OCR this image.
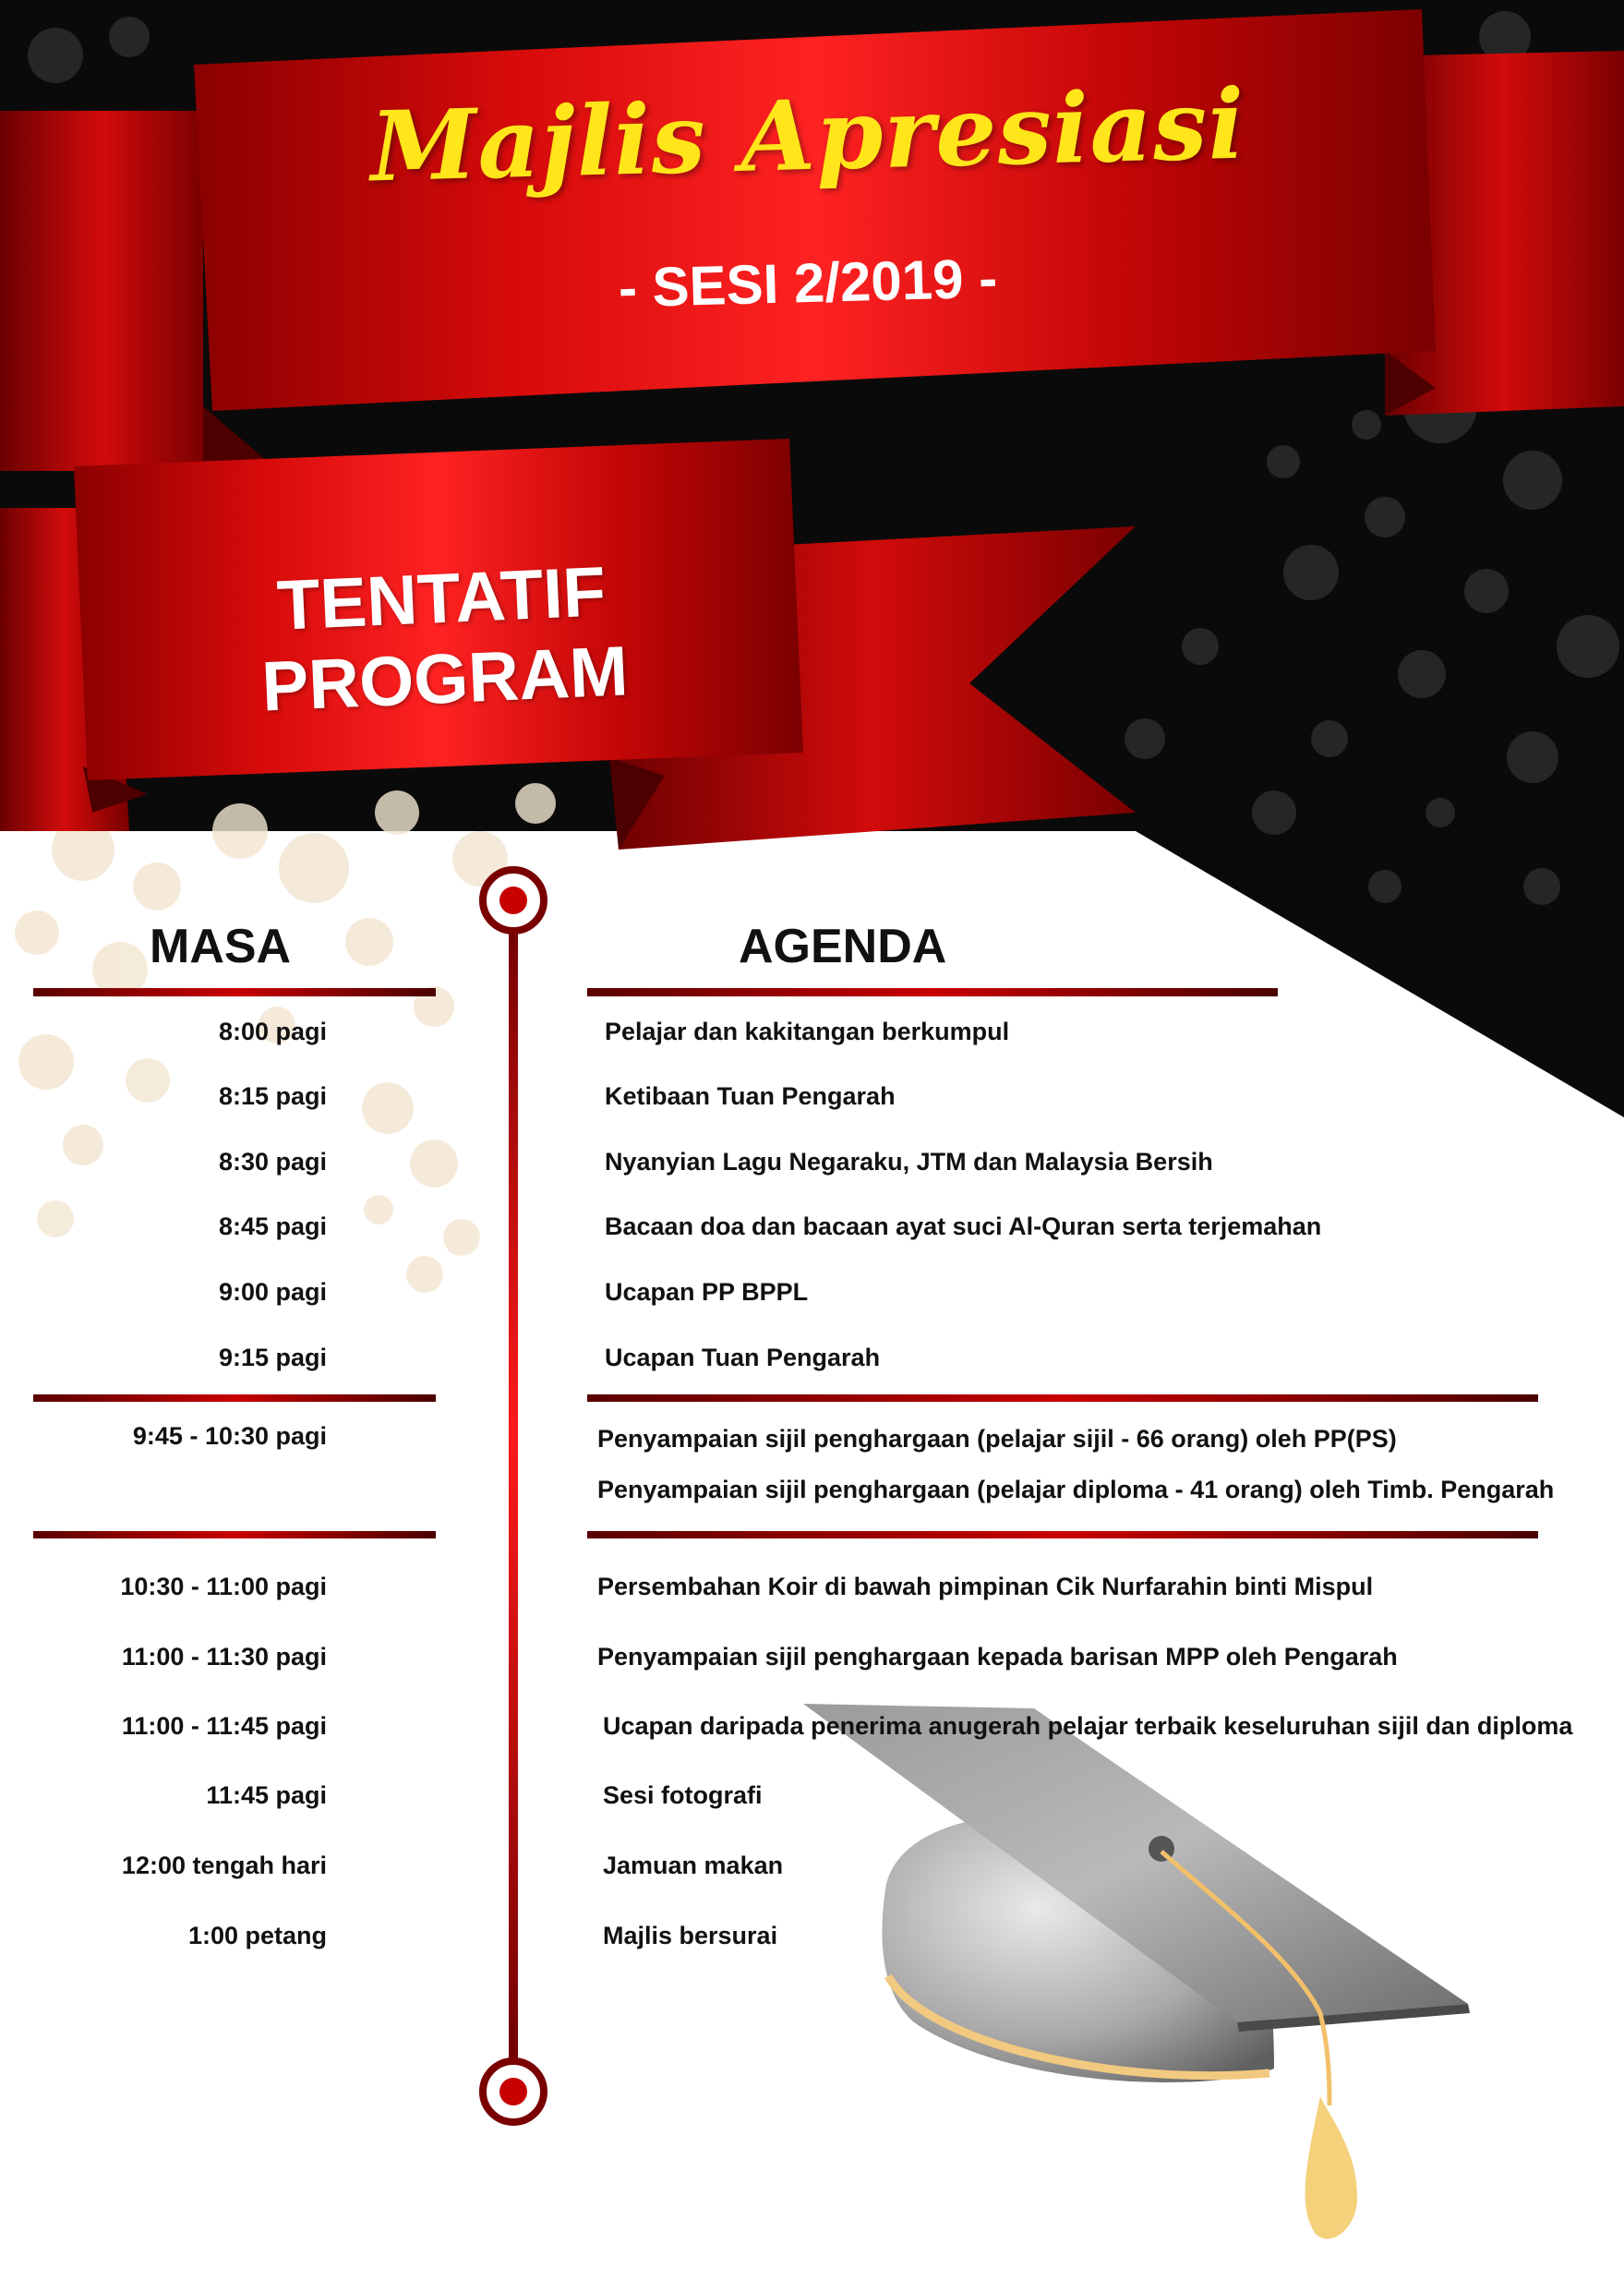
Majlis Apresiasi
- SESI 2/2019 -
TENTATIF PROGRAM
MASA	AGENDA
8:00 pagi	Pelajar dan kakitangan berkumpul
8:15 pagi	Ketibaan Tuan Pengarah
8:30 pagi	Nyanyian Lagu Negaraku, JTM dan Malaysia Bersih
8:45 pagi	Bacaan doa dan bacaan ayat suci Al-Quran serta terjemahan
9:00 pagi	Ucapan PP BPPL
9:15 pagi	Ucapan Tuan Pengarah
9:45 - 10:30 pagi	Penyampaian sijil penghargaan (pelajar sijil - 66 orang) oleh PP(PS)
Penyampaian sijil penghargaan (pelajar diploma - 41 orang) oleh Timb. Pengarah
10:30 - 11:00 pagi	Persembahan Koir di bawah pimpinan Cik Nurfarahin binti Mispul
11:00 - 11:30 pagi	Penyampaian sijil penghargaan kepada barisan MPP oleh Pengarah
11:00 - 11:45 pagi	Ucapan daripada penerima anugerah pelajar terbaik keseluruhan sijil dan diploma
11:45 pagi	Sesi fotografi
12:00 tengah hari	Jamuan makan
1:00 petang	Majlis bersurai
